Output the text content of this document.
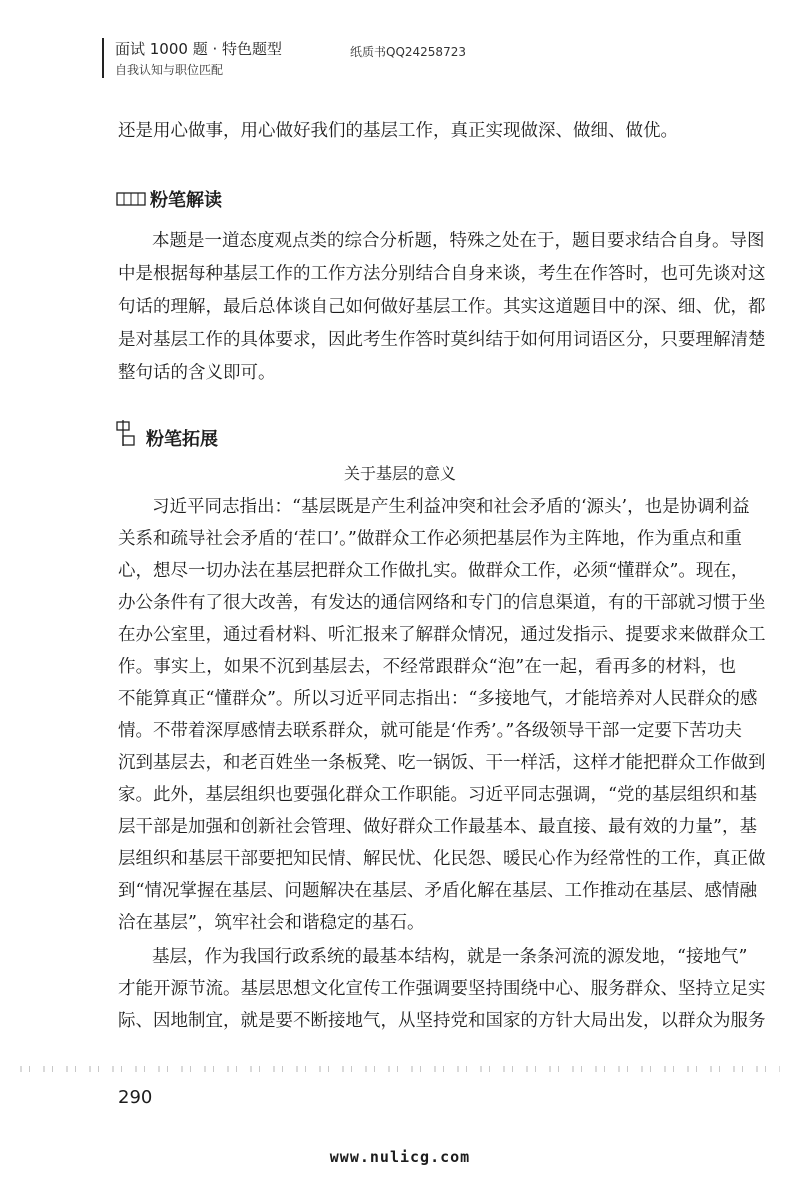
面试 1000 题 · 特色题型
自我认知与职位匹配
纸质书QQ24258723
还是用心做事，用心做好我们的基层工作，真正实现做深、做细、做优。
粉笔解读
本题是一道态度观点类的综合分析题，特殊之处在于，题目要求结合自身。导图
中是根据每种基层工作的工作方法分别结合自身来谈，考生在作答时，也可先谈对这
句话的理解，最后总体谈自己如何做好基层工作。其实这道题目中的深、细、优，都
是对基层工作的具体要求，因此考生作答时莫纠结于如何用词语区分，只要理解清楚
整句话的含义即可。
粉笔拓展
关于基层的意义
习近平同志指出：“基层既是产生利益冲突和社会矛盾的‘源头’，也是协调利益
关系和疏导社会矛盾的‘茬口’。”做群众工作必须把基层作为主阵地，作为重点和重
心，想尽一切办法在基层把群众工作做扎实。做群众工作，必须“懂群众”。现在，
办公条件有了很大改善，有发达的通信网络和专门的信息渠道，有的干部就习惯于坐
在办公室里，通过看材料、听汇报来了解群众情况，通过发指示、提要求来做群众工
作。事实上，如果不沉到基层去，不经常跟群众“泡”在一起，看再多的材料，也
不能算真正“懂群众”。所以习近平同志指出：“多接地气，才能培养对人民群众的感
情。不带着深厚感情去联系群众，就可能是‘作秀’。”各级领导干部一定要下苦功夫
沉到基层去，和老百姓坐一条板凳、吃一锅饭、干一样活，这样才能把群众工作做到
家。此外，基层组织也要强化群众工作职能。习近平同志强调，“党的基层组织和基
层干部是加强和创新社会管理、做好群众工作最基本、最直接、最有效的力量”，基
层组织和基层干部要把知民情、解民忧、化民怨、暖民心作为经常性的工作，真正做
到“情况掌握在基层、问题解决在基层、矛盾化解在基层、工作推动在基层、感情融
洽在基层”，筑牢社会和谐稳定的基石。
基层，作为我国行政系统的最基本结构，就是一条条河流的源发地，“接地气”
才能开源节流。基层思想文化宣传工作强调要坚持围绕中心、服务群众、坚持立足实
际、因地制宜，就是要不断接地气，从坚持党和国家的方针大局出发，以群众为服务
290
www.nulicg.com
